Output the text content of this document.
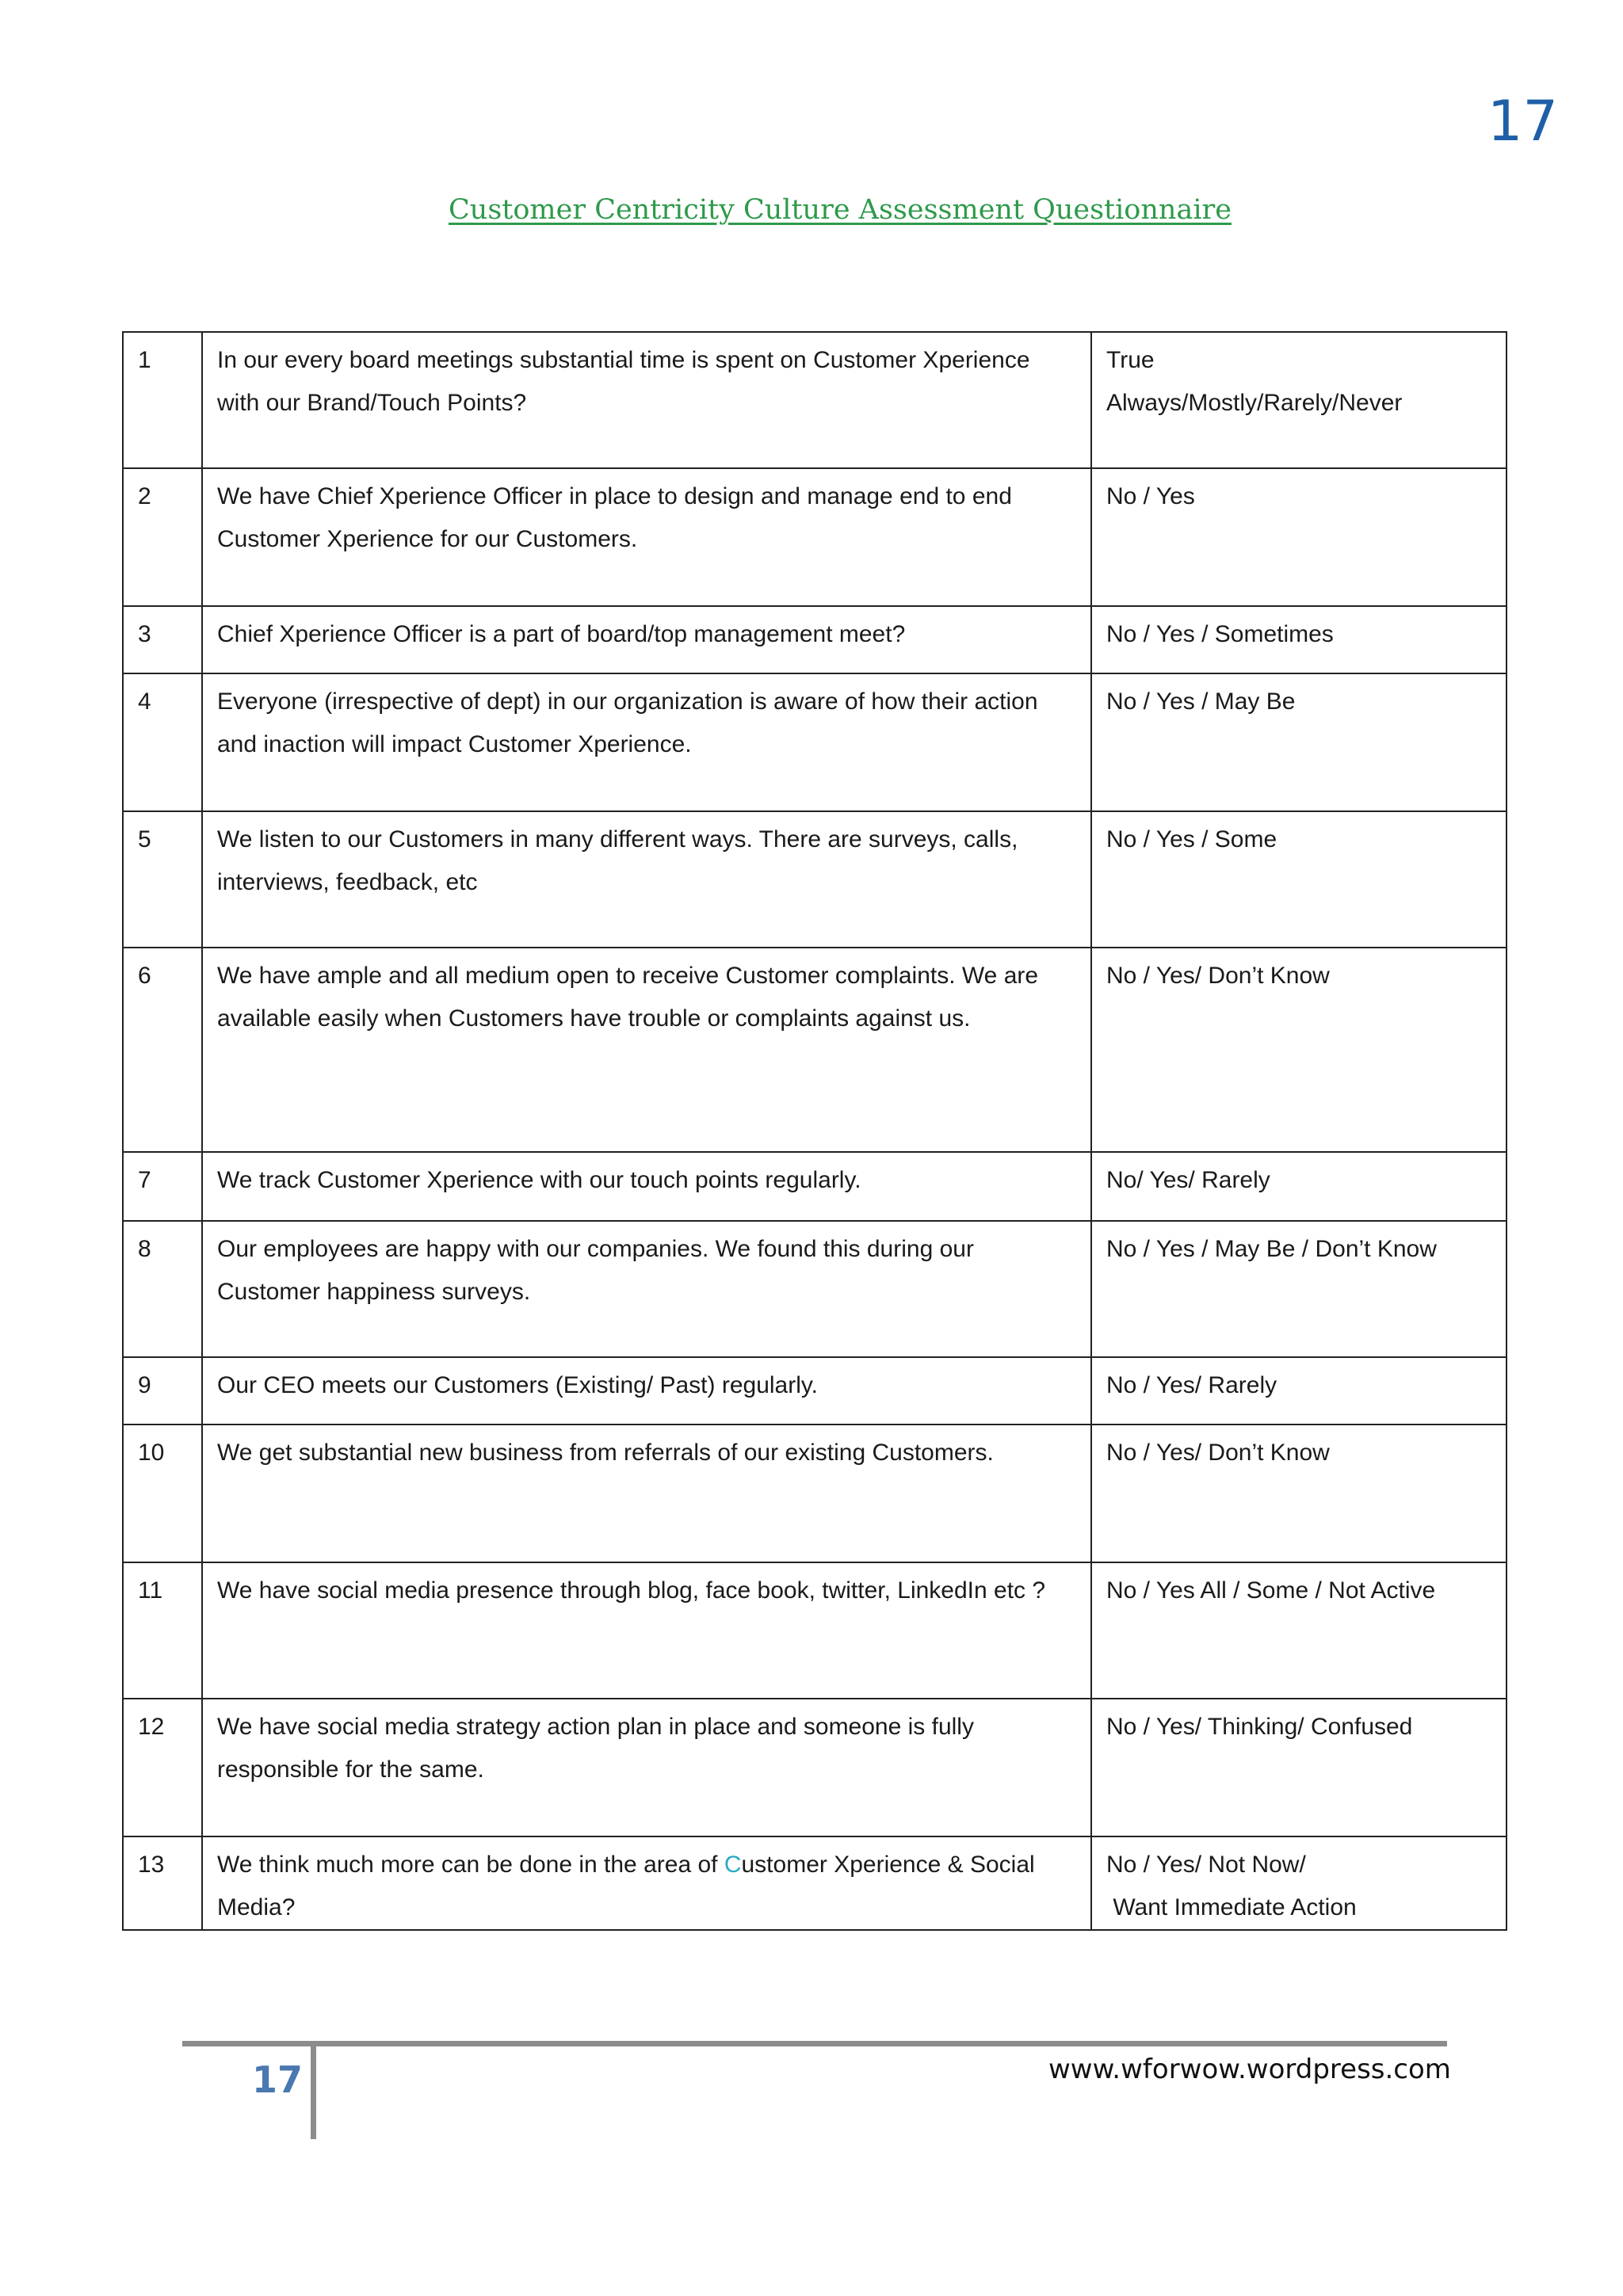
17
Customer Centricity Culture Assessment Questionnaire
1	In our every board meetings substantial time is spent on Customer Xperience with our Brand/Touch Points?	True
Always/Mostly/Rarely/Never

2	We have Chief Xperience Officer in place to design and manage end to end Customer Xperience for our Customers.	No / Yes

3	Chief Xperience Officer is a part of board/top management meet?	No / Yes / Sometimes

4	Everyone (irrespective of dept) in our organization is aware of how their action and inaction will impact Customer Xperience.	No / Yes / May Be

5	We listen to our Customers in many different ways. There are surveys, calls, interviews, feedback, etc	No / Yes / Some

6	We have ample and all medium open to receive Customer complaints. We are available easily when Customers have trouble or complaints against us.	No / Yes/ Don’t Know

7	We track Customer Xperience with our touch points regularly.	No/ Yes/ Rarely

8	Our employees are happy with our companies. We found this during our Customer happiness surveys.	No / Yes / May Be / Don’t Know

9	Our CEO meets our Customers (Existing/ Past) regularly.	No / Yes/ Rarely

10	We get substantial new business from referrals of our existing Customers.	No / Yes/ Don’t Know

11	We have social media presence through blog, face book, twitter, LinkedIn etc ?	No / Yes All / Some / Not Active

12	We have social media strategy action plan in place and someone is fully responsible for the same.	No / Yes/ Thinking/ Confused

13	We think much more can be done in the area of Customer Xperience & Social Media?	No / Yes/ Not Now/
Want Immediate Action
17	www.wforwow.wordpress.com
